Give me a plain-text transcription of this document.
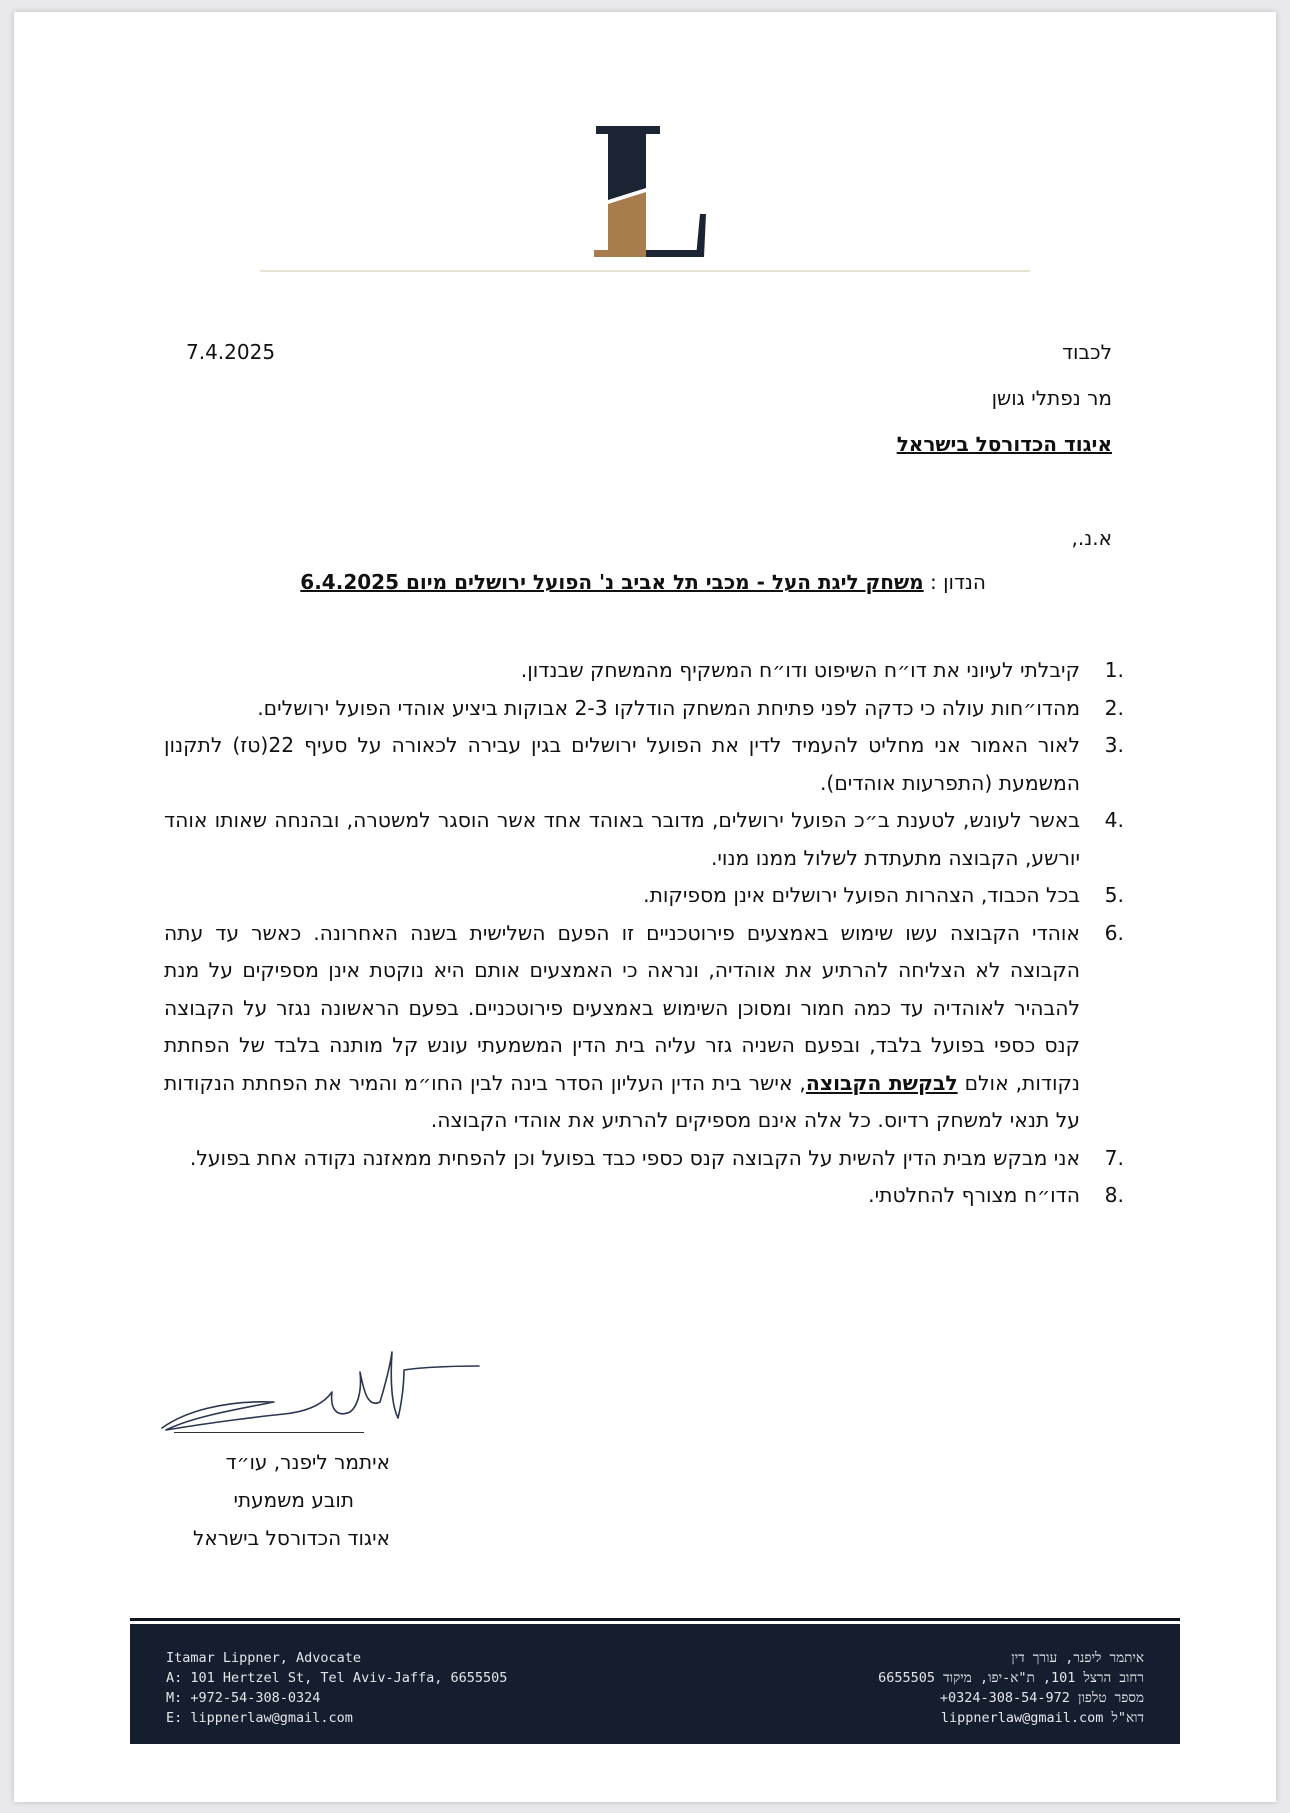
7.4.2025	לכבוד
מר נפתלי גושן
איגוד הכדורסל בישראל
א.נ.,
הנדון : משחק ליגת העל - מכבי תל אביב נ' הפועל ירושלים מיום 6.4.2025
1.
קיבלתי לעיוני את דו״ח השיפוט ודו״ח המשקיף מהמשחק שבנדון.
2.
מהדו״חות עולה כי כדקה לפני פתיחת המשחק הודלקו 2-3 אבוקות ביציע אוהדי הפועל ירושלים.
3.
לאור האמור אני מחליט להעמיד לדין את הפועל ירושלים בגין עבירה לכאורה על סעיף 22(טז) לתקנון המשמעת (התפרעות אוהדים).
4.
באשר לעונש, לטענת ב״כ הפועל ירושלים, מדובר באוהד אחד אשר הוסגר למשטרה, ובהנחה שאותו אוהד יורשע, הקבוצה מתעתדת לשלול ממנו מנוי.
5.
בכל הכבוד, הצהרות הפועל ירושלים אינן מספיקות.
6.
אוהדי הקבוצה עשו שימוש באמצעים פירוטכניים זו הפעם השלישית בשנה האחרונה. כאשר עד עתה הקבוצה לא הצליחה להרתיע את אוהדיה, ונראה כי האמצעים אותם היא נוקטת אינן מספיקים על מנת להבהיר לאוהדיה עד כמה חמור ומסוכן השימוש באמצעים פירוטכניים. בפעם הראשונה נגזר על הקבוצה קנס כספי בפועל בלבד, ובפעם השניה גזר עליה בית הדין המשמעתי עונש קל מותנה בלבד של הפחתת נקודות, אולם לבקשת הקבוצה, אישר בית הדין העליון הסדר בינה לבין החו״מ והמיר את הפחתת הנקודות על תנאי למשחק רדיוס. כל אלה אינם מספיקים להרתיע את אוהדי הקבוצה.
7.
אני מבקש מבית הדין להשית על הקבוצה קנס כספי כבד בפועל וכן להפחית ממאזנה נקודה אחת בפועל.
8.
הדו״ח מצורף להחלטתי.
איתמר ליפנר, עו״ד
תובע משמעתי
איגוד הכדורסל בישראל
Itamar Lippner, Advocate
A: 101 Hertzel St, Tel Aviv-Jaffa, 6655505
M: +972-54-308-0324
E: lippnerlaw@gmail.com
איתמר ליפנר, עורך דין
רחוב הרצל 101, ת"א-יפו, מיקוד 6655505
מספר טלפון 0324-308-54-972+
דוא"ל lippnerlaw@gmail.com
